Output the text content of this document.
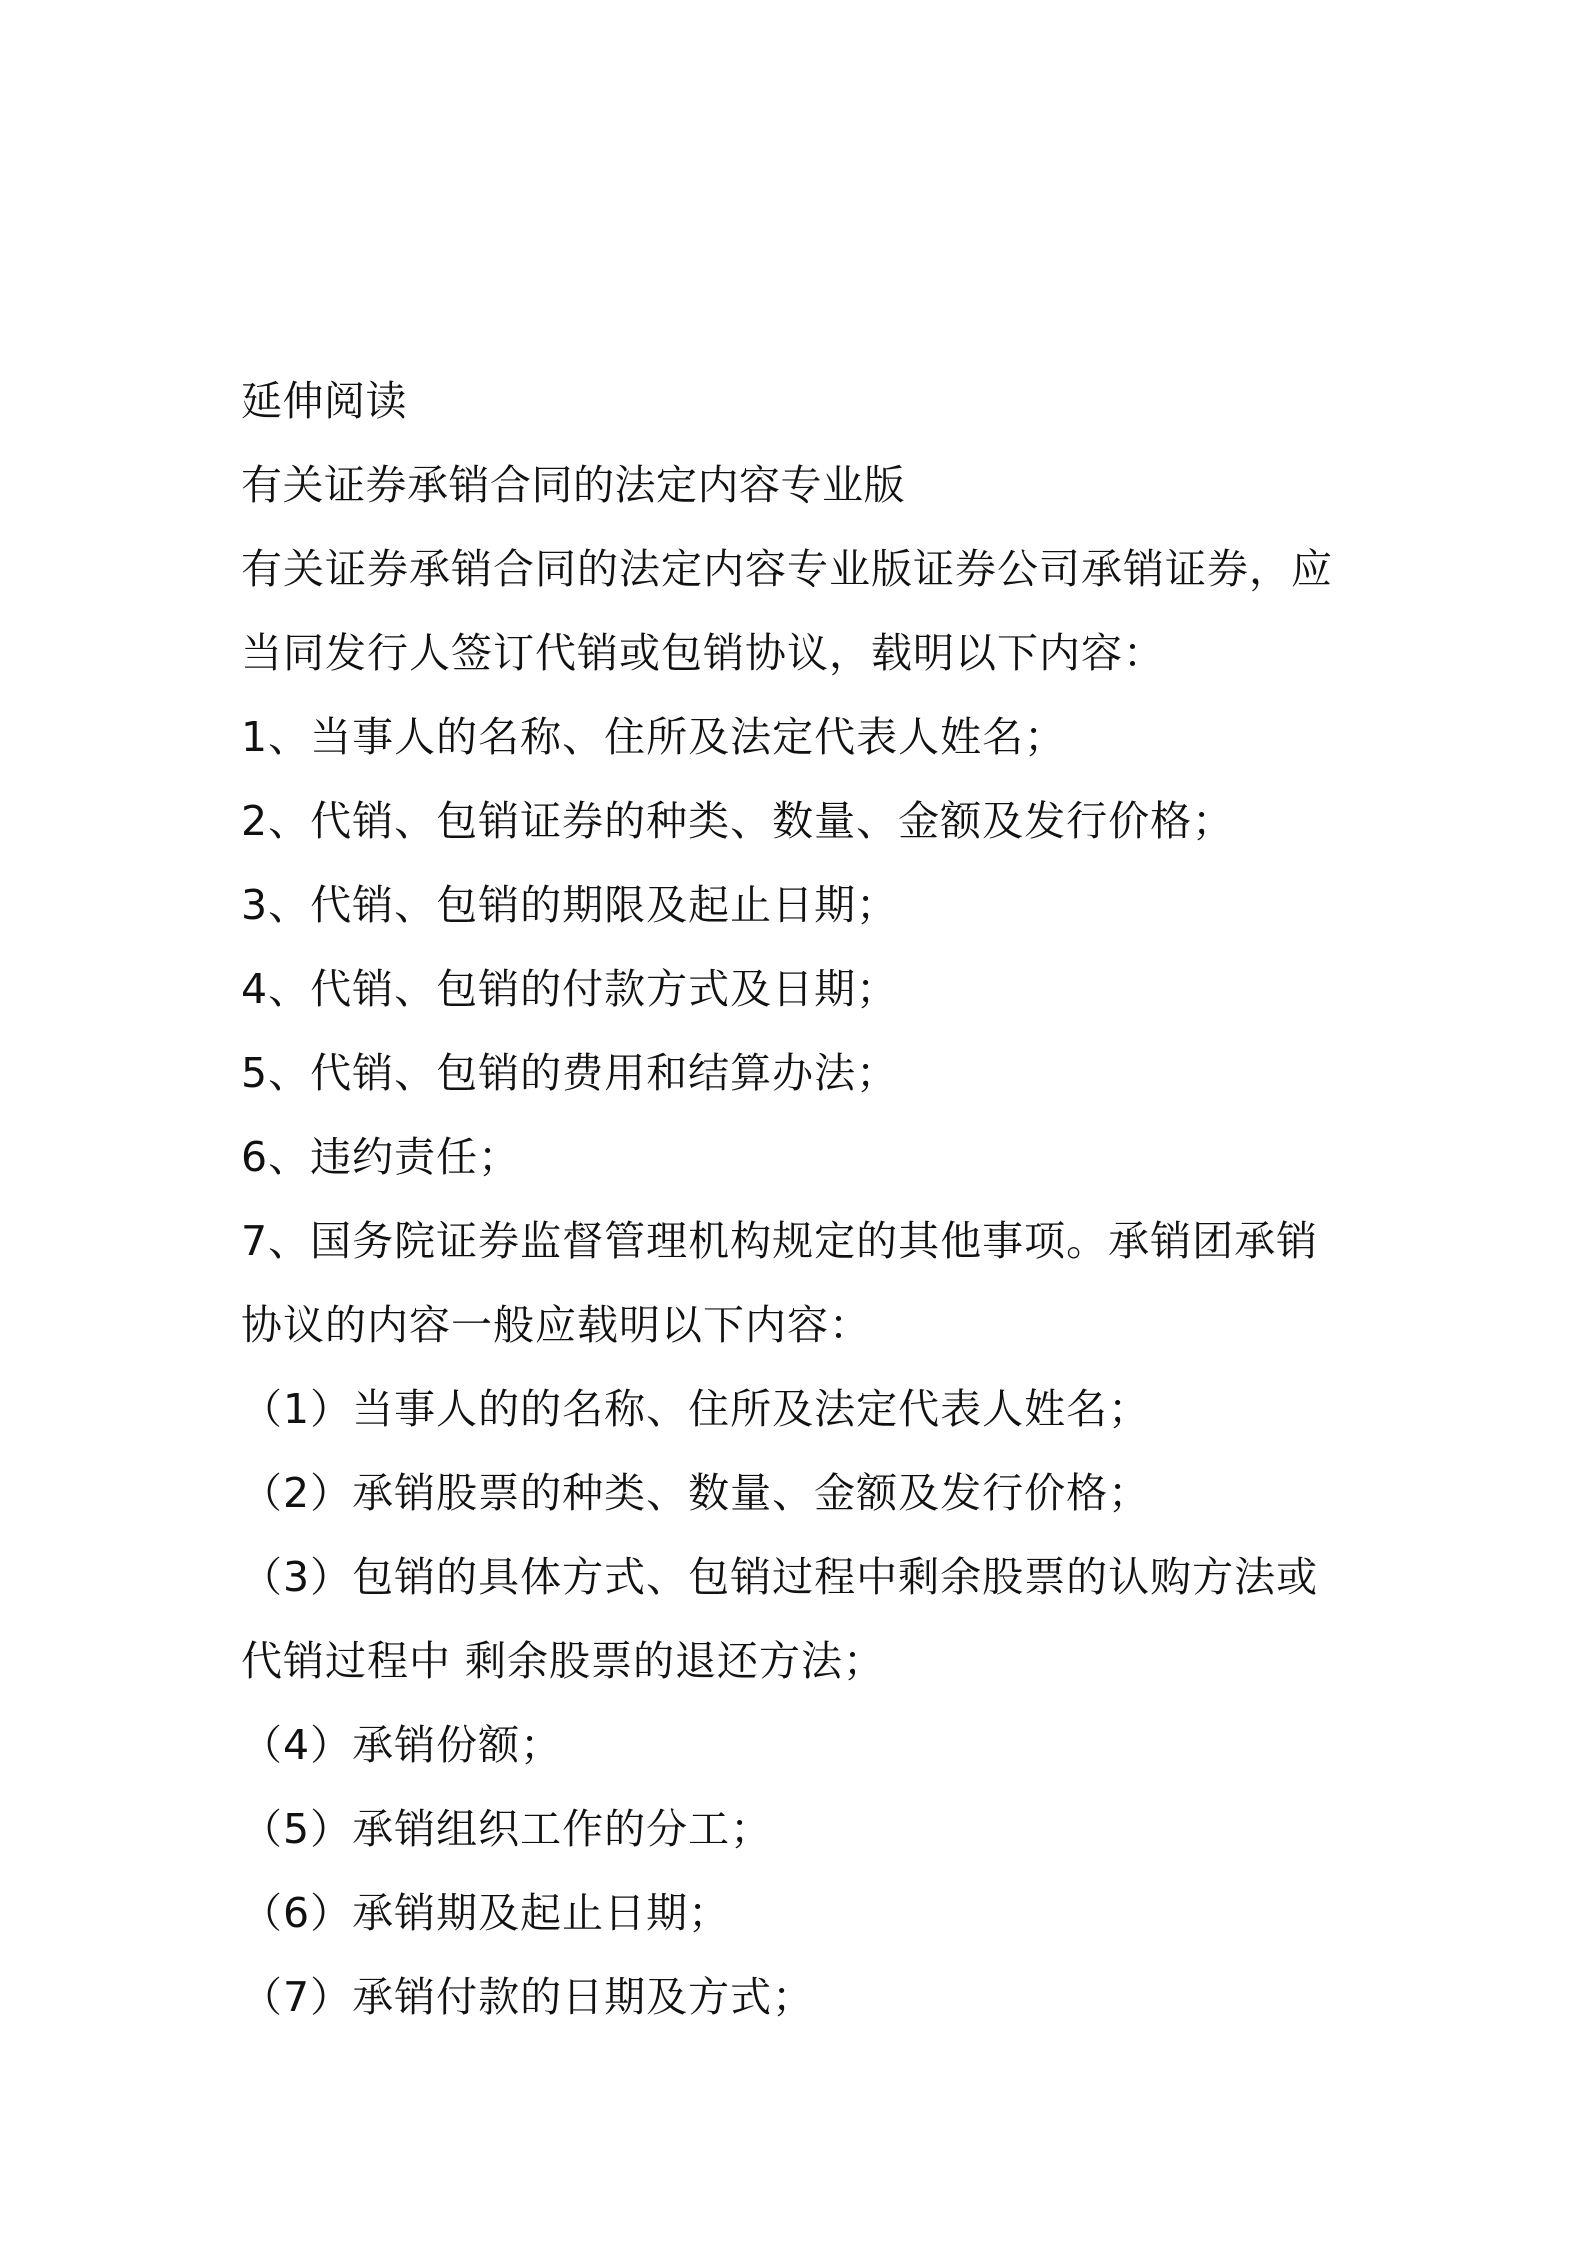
延伸阅读
有关证券承销合同的法定内容专业版
有关证券承销合同的法定内容专业版证券公司承销证券，应
当同发行人签订代销或包销协议，载明以下内容：
1、当事人的名称、住所及法定代表人姓名；
2、代销、包销证券的种类、数量、金额及发行价格；
3、代销、包销的期限及起止日期；
4、代销、包销的付款方式及日期；
5、代销、包销的费用和结算办法；
6、违约责任；
7、国务院证券监督管理机构规定的其他事项。承销团承销
协议的内容一般应载明以下内容：
（1）当事人的的名称、住所及法定代表人姓名；
（2）承销股票的种类、数量、金额及发行价格；
（3）包销的具体方式、包销过程中剩余股票的认购方法或
代销过程中 剩余股票的退还方法；
（4）承销份额；
（5）承销组织工作的分工；
（6）承销期及起止日期；
（7）承销付款的日期及方式；
